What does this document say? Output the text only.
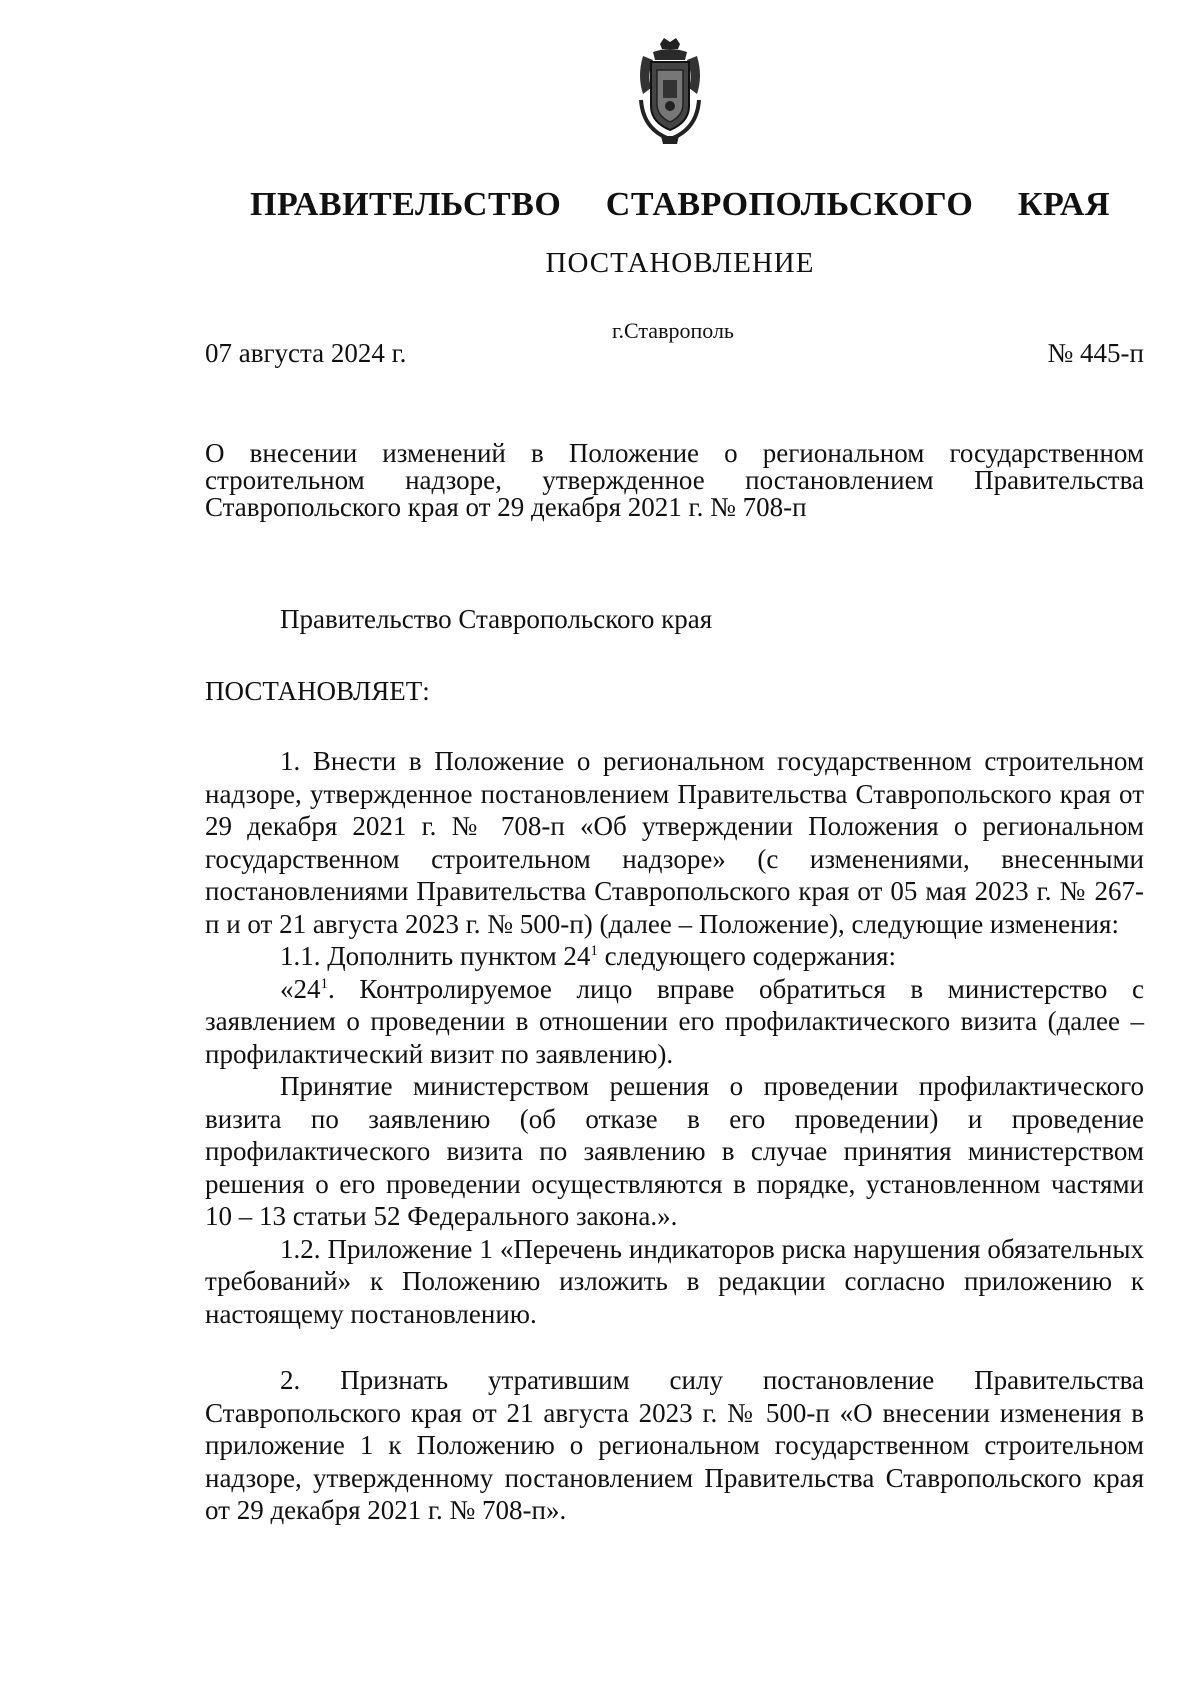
ПРАВИТЕЛЬСТВО СТАВРОПОЛЬСКОГО КРАЯ
ПОСТАНОВЛЕНИЕ
г.Ставрополь
07 августа 2024 г.	№ 445-п
О внесении изменений в Положение о региональном государственном строительном надзоре, утвержденное постановлением Правительства Ставропольского края от 29 декабря 2021 г. № 708-п
Правительство Ставропольского края
ПОСТАНОВЛЯЕТ:

1. Внести в Положение о региональном государственном строительном надзоре, утвержденное постановлением Правительства Ставропольского края от 29 декабря 2021 г. № 708-п «Об утверждении Положения о региональном государственном строительном надзоре» (с изменениями, внесенными постановлениями Правительства Ставропольского края от 05 мая 2023 г. № 267-п и от 21 августа 2023 г. № 500-п) (далее – Положение), следующие изменения:

1.1. Дополнить пунктом $24^1$ следующего содержания:

«$24^1$. Контролируемое лицо вправе обратиться в министерство с заявлением о проведении в отношении его профилактического визита (далее – профилактический визит по заявлению).

Принятие министерством решения о проведении профилактического визита по заявлению (об отказе в его проведении) и проведение профилактического визита по заявлению в случае принятия министерством решения о его проведении осуществляются в порядке, установленном частями 10 – 13 статьи 52 Федерального закона.».

1.2. Приложение 1 «Перечень индикаторов риска нарушения обязательных требований» к Положению изложить в редакции согласно приложению к настоящему постановлению.

2. Признать утратившим силу постановление Правительства Ставропольского края от 21 августа 2023 г. № 500-п «О внесении изменения в приложение 1 к Положению о региональном государственном строительном надзоре, утвержденному постановлением Правительства Ставропольского края от 29 декабря 2021 г. № 708-п».
